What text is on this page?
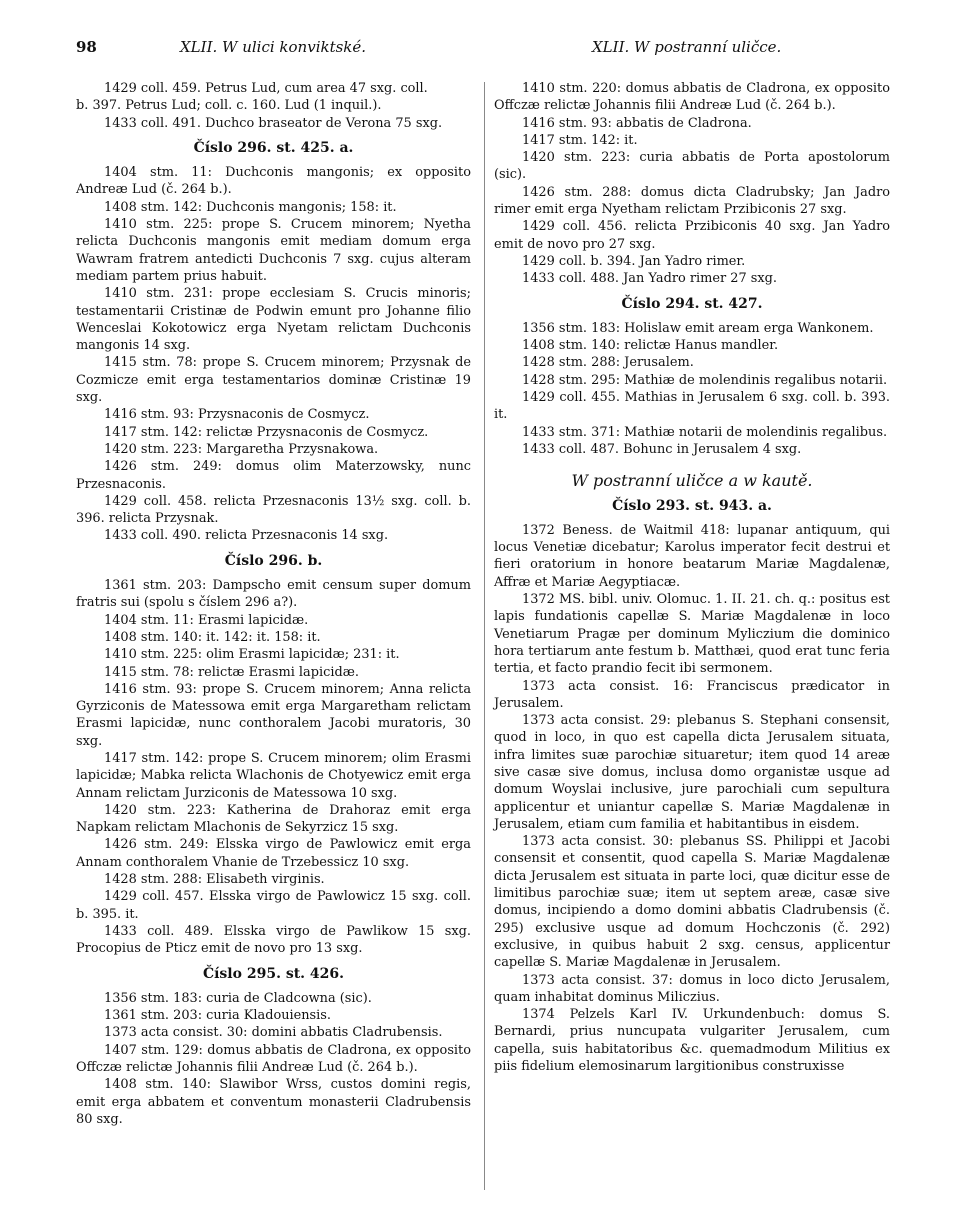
98	XLII. W ulici konviktské.	XLII. W postranní uličce.
1429 coll. 459. Petrus Lud, cum area 47 sxg. coll.
b. 397. Petrus Lud; coll. c. 160. Lud (1 inquil.).
1433 coll. 491. Duchco braseator de Verona 75 sxg.
Číslo 296. st. 425. a.
1404 stm. 11: Duchconis mangonis; ex opposito Andreæ Lud (č. 264 b.).
1408 stm. 142: Duchconis mangonis; 158: it.
1410 stm. 225: prope S. Crucem minorem; Nyetha relicta Duchconis mangonis emit mediam domum erga Wawram fratrem antedicti Duchconis 7 sxg. cujus alteram mediam partem prius habuit.
1410 stm. 231: prope ecclesiam S. Crucis minoris; testamentarii Cristinæ de Podwin emunt pro Johanne filio Wenceslai Kokotowicz erga Nyetam relictam Duchconis mangonis 14 sxg.
1415 stm. 78: prope S. Crucem minorem; Przysnak de Cozmicze emit erga testamentarios dominæ Cristinæ 19 sxg.
1416 stm. 93: Przysnaconis de Cosmycz.
1417 stm. 142: relictæ Przysnaconis de Cosmycz.
1420 stm. 223: Margaretha Przysnakowa.
1426 stm. 249: domus olim Materzowsky, nunc Przesnaconis.
1429 coll. 458. relicta Przesnaconis 13½ sxg. coll. b. 396. relicta Przysnak.
1433 coll. 490. relicta Przesnaconis 14 sxg.
Číslo 296. b.
1361 stm. 203: Dampscho emit censum super domum fratris sui (spolu s číslem 296 a?).
1404 stm. 11: Erasmi lapicidæ.
1408 stm. 140: it. 142: it. 158: it.
1410 stm. 225: olim Erasmi lapicidæ; 231: it.
1415 stm. 78: relictæ Erasmi lapicidæ.
1416 stm. 93: prope S. Crucem minorem; Anna relicta Gyrziconis de Matessowa emit erga Margaretham relictam Erasmi lapicidæ, nunc conthoralem Jacobi muratoris, 30 sxg.
1417 stm. 142: prope S. Crucem minorem; olim Erasmi lapicidæ; Mabka relicta Wlachonis de Chotyewicz emit erga Annam relictam Jurziconis de Matessowa 10 sxg.
1420 stm. 223: Katherina de Drahoraz emit erga Napkam relictam Mlachonis de Sekyrzicz 15 sxg.
1426 stm. 249: Elsska virgo de Pawlowicz emit erga Annam conthoralem Vhanie de Trzebessicz 10 sxg.
1428 stm. 288: Elisabeth virginis.
1429 coll. 457. Elsska virgo de Pawlowicz 15 sxg. coll. b. 395. it.
1433 coll. 489. Elsska virgo de Pawlikow 15 sxg. Procopius de Pticz emit de novo pro 13 sxg.
Číslo 295. st. 426.
1356 stm. 183: curia de Cladcowna (sic).
1361 stm. 203: curia Kladouiensis.
1373 acta consist. 30: domini abbatis Cladrubensis.
1407 stm. 129: domus abbatis de Cladrona, ex opposito Offczæ relictæ Johannis filii Andreæ Lud (č. 264 b.).
1408 stm. 140: Slawibor Wrss, custos domini regis, emit erga abbatem et conventum monasterii Cladrubensis 80 sxg.
1410 stm. 220: domus abbatis de Cladrona, ex opposito Offczæ relictæ Johannis filii Andreæ Lud (č. 264 b.).
1416 stm. 93: abbatis de Cladrona.
1417 stm. 142: it.
1420 stm. 223: curia abbatis de Porta apostolorum (sic).
1426 stm. 288: domus dicta Cladrubsky; Jan Jadro rimer emit erga Nyetham relictam Przibiconis 27 sxg.
1429 coll. 456. relicta Przibiconis 40 sxg. Jan Yadro emit de novo pro 27 sxg.
1429 coll. b. 394. Jan Yadro rimer.
1433 coll. 488. Jan Yadro rimer 27 sxg.
Číslo 294. st. 427.
1356 stm. 183: Holislaw emit aream erga Wankonem.
1408 stm. 140: relictæ Hanus mandler.
1428 stm. 288: Jerusalem.
1428 stm. 295: Mathiæ de molendinis regalibus notarii.
1429 coll. 455. Mathias in Jerusalem 6 sxg. coll. b. 393. it.
1433 stm. 371: Mathiæ notarii de molendinis regalibus.
1433 coll. 487. Bohunc in Jerusalem 4 sxg.
W postranní uličce a w kautě.
Číslo 293. st. 943. a.
1372 Beness. de Waitmil 418: lupanar antiquum, qui locus Venetiæ dicebatur; Karolus imperator fecit destrui et fieri oratorium in honore beatarum Mariæ Magdalenæ, Affræ et Mariæ Aegyptiacæ.
1372 MS. bibl. univ. Olomuc. 1. II. 21. ch. q.: positus est lapis fundationis capellæ S. Mariæ Magdalenæ in loco Venetiarum Pragæ per dominum Myliczium die dominico hora tertiarum ante festum b. Matthæi, quod erat tunc feria tertia, et facto prandio fecit ibi sermonem.
1373 acta consist. 16: Franciscus prædicator in Jerusalem.
1373 acta consist. 29: plebanus S. Stephani consensit, quod in loco, in quo est capella dicta Jerusalem situata, infra limites suæ parochiæ situaretur; item quod 14 areæ sive casæ sive domus, inclusa domo organistæ usque ad domum Woyslai inclusive, jure parochiali cum sepultura applicentur et uniantur capellæ S. Mariæ Magdalenæ in Jerusalem, etiam cum familia et habitantibus in eisdem.
1373 acta consist. 30: plebanus SS. Philippi et Jacobi consensit et consentit, quod capella S. Mariæ Magdalenæ dicta Jerusalem est situata in parte loci, quæ dicitur esse de limitibus parochiæ suæ; item ut septem areæ, casæ sive domus, incipiendo a domo domini abbatis Cladrubensis (č. 295) exclusive usque ad domum Hochczonis (č. 292) exclusive, in quibus habuit 2 sxg. census, applicentur capellæ S. Mariæ Magdalenæ in Jerusalem.
1373 acta consist. 37: domus in loco dicto Jerusalem, quam inhabitat dominus Miliczius.
1374 Pelzels Karl IV. Urkundenbuch: domus S. Bernardi, prius nuncupata vulgariter Jerusalem, cum capella, suis habitatoribus &c. quemadmodum Militius ex piis fidelium elemosinarum largitionibus construxisse
